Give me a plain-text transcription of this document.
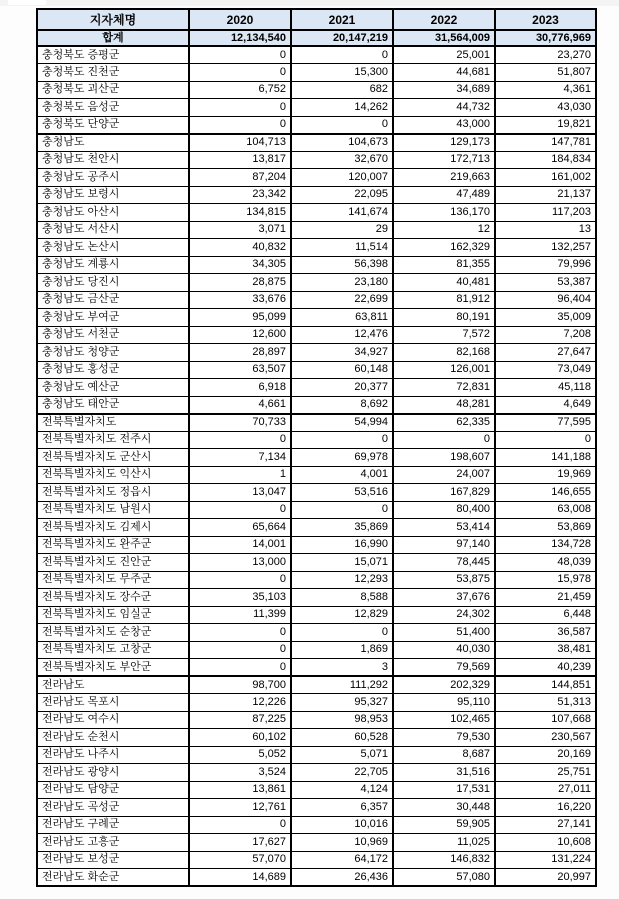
지자체명	2020	2021	2022	2023
합계	12,134,540	20,147,219	31,564,009	30,776,969
충청북도 증평군	0	0	25,001	23,270
충청북도 진천군	0	15,300	44,681	51,807
충청북도 괴산군	6,752	682	34,689	4,361
충청북도 음성군	0	14,262	44,732	43,030
충청북도 단양군	0	0	43,000	19,821
충청남도	104,713	104,673	129,173	147,781
충청남도 천안시	13,817	32,670	172,713	184,834
충청남도 공주시	87,204	120,007	219,663	161,002
충청남도 보령시	23,342	22,095	47,489	21,137
충청남도 아산시	134,815	141,674	136,170	117,203
충청남도 서산시	3,071	29	12	13
충청남도 논산시	40,832	11,514	162,329	132,257
충청남도 계룡시	34,305	56,398	81,355	79,996
충청남도 당진시	28,875	23,180	40,481	53,387
충청남도 금산군	33,676	22,699	81,912	96,404
충청남도 부여군	95,099	63,811	80,191	35,009
충청남도 서천군	12,600	12,476	7,572	7,208
충청남도 청양군	28,897	34,927	82,168	27,647
충청남도 홍성군	63,507	60,148	126,001	73,049
충청남도 예산군	6,918	20,377	72,831	45,118
충청남도 태안군	4,661	8,692	48,281	4,649
전북특별자치도	70,733	54,994	62,335	77,595
전북특별자치도 전주시	0	0	0	0
전북특별자치도 군산시	7,134	69,978	198,607	141,188
전북특별자치도 익산시	1	4,001	24,007	19,969
전북특별자치도 정읍시	13,047	53,516	167,829	146,655
전북특별자치도 남원시	0	0	80,400	63,008
전북특별자치도 김제시	65,664	35,869	53,414	53,869
전북특별자치도 완주군	14,001	16,990	97,140	134,728
전북특별자치도 진안군	13,000	15,071	78,445	48,039
전북특별자치도 무주군	0	12,293	53,875	15,978
전북특별자치도 장수군	35,103	8,588	37,676	21,459
전북특별자치도 임실군	11,399	12,829	24,302	6,448
전북특별자치도 순창군	0	0	51,400	36,587
전북특별자치도 고창군	0	1,869	40,030	38,481
전북특별자치도 부안군	0	3	79,569	40,239
전라남도	98,700	111,292	202,329	144,851
전라남도 목포시	12,226	95,327	95,110	51,313
전라남도 여수시	87,225	98,953	102,465	107,668
전라남도 순천시	60,102	60,528	79,530	230,567
전라남도 나주시	5,052	5,071	8,687	20,169
전라남도 광양시	3,524	22,705	31,516	25,751
전라남도 담양군	13,861	4,124	17,531	27,011
전라남도 곡성군	12,761	6,357	30,448	16,220
전라남도 구례군	0	10,016	59,905	27,141
전라남도 고흥군	17,627	10,969	11,025	10,608
전라남도 보성군	57,070	64,172	146,832	131,224
전라남도 화순군	14,689	26,436	57,080	20,997
